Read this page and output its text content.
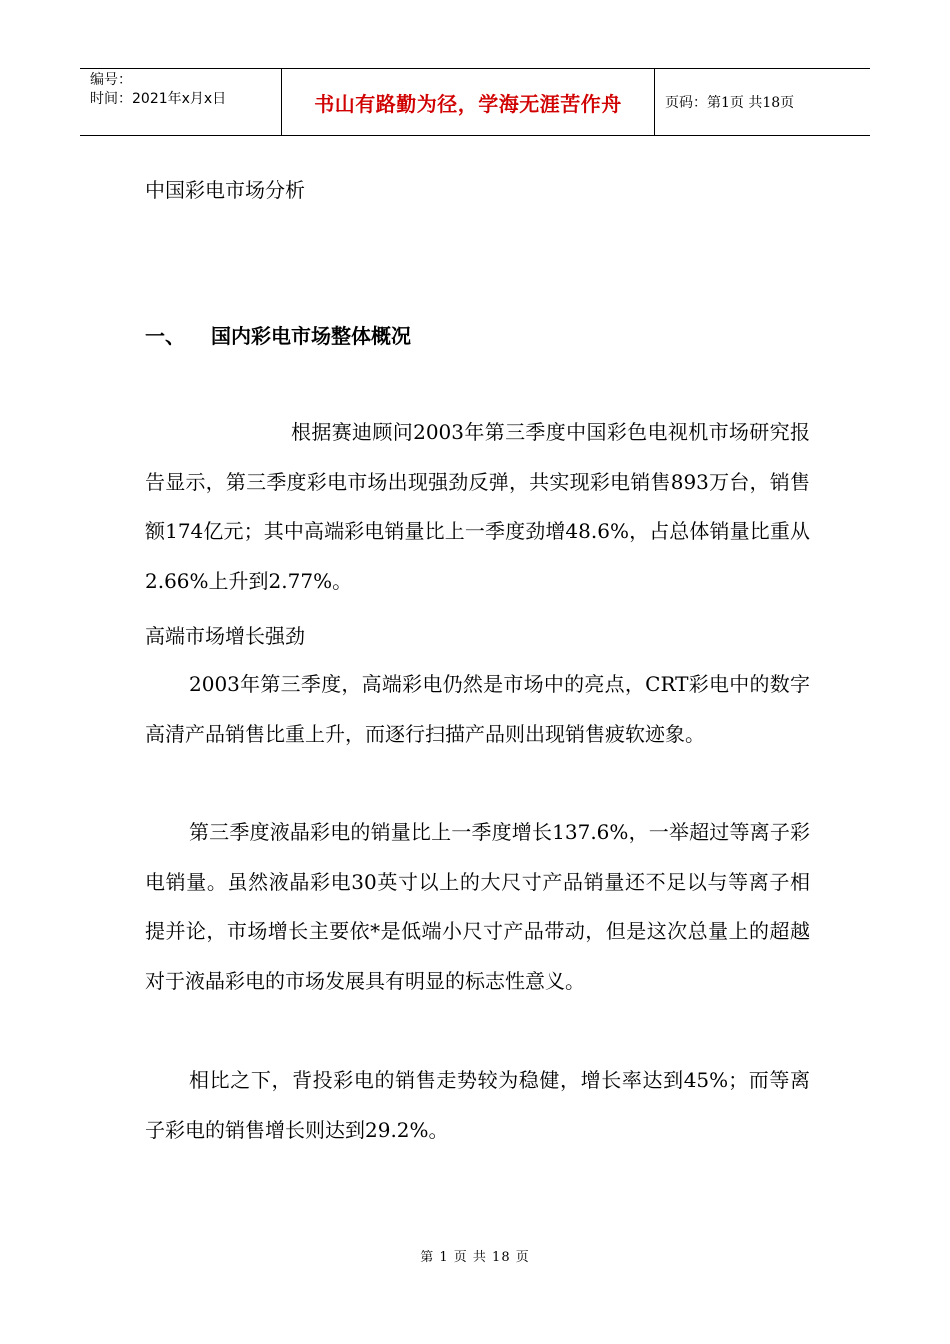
编号：
时间：2021年x月x日	书山有路勤为径，学海无涯苦作舟	页码：第1页 共18页
中国彩电市场分析
一、 国内彩电市场整体概况

根据赛迪顾问2003年第三季度中国彩色电视机市场研究报告显示，第三季度彩电市场出现强劲反弹，共实现彩电销售893万台，销售额174亿元；其中高端彩电销量比上一季度劲增48.6%，占总体销量比重从2.66%上升到2.77%。

高端市场增长强劲

2003年第三季度，高端彩电仍然是市场中的亮点，CRT彩电中的数字高清产品销售比重上升，而逐行扫描产品则出现销售疲软迹象。

第三季度液晶彩电的销量比上一季度增长137.6%，一举超过等离子彩电销量。虽然液晶彩电30英寸以上的大尺寸产品销量还不足以与等离子相提并论，市场增长主要依*是低端小尺寸产品带动，但是这次总量上的超越对于液晶彩电的市场发展具有明显的标志性意义。

相比之下，背投彩电的销售走势较为稳健，增长率达到45%；而等离子彩电的销售增长则达到29.2%。

第 1 页 共 18 页
